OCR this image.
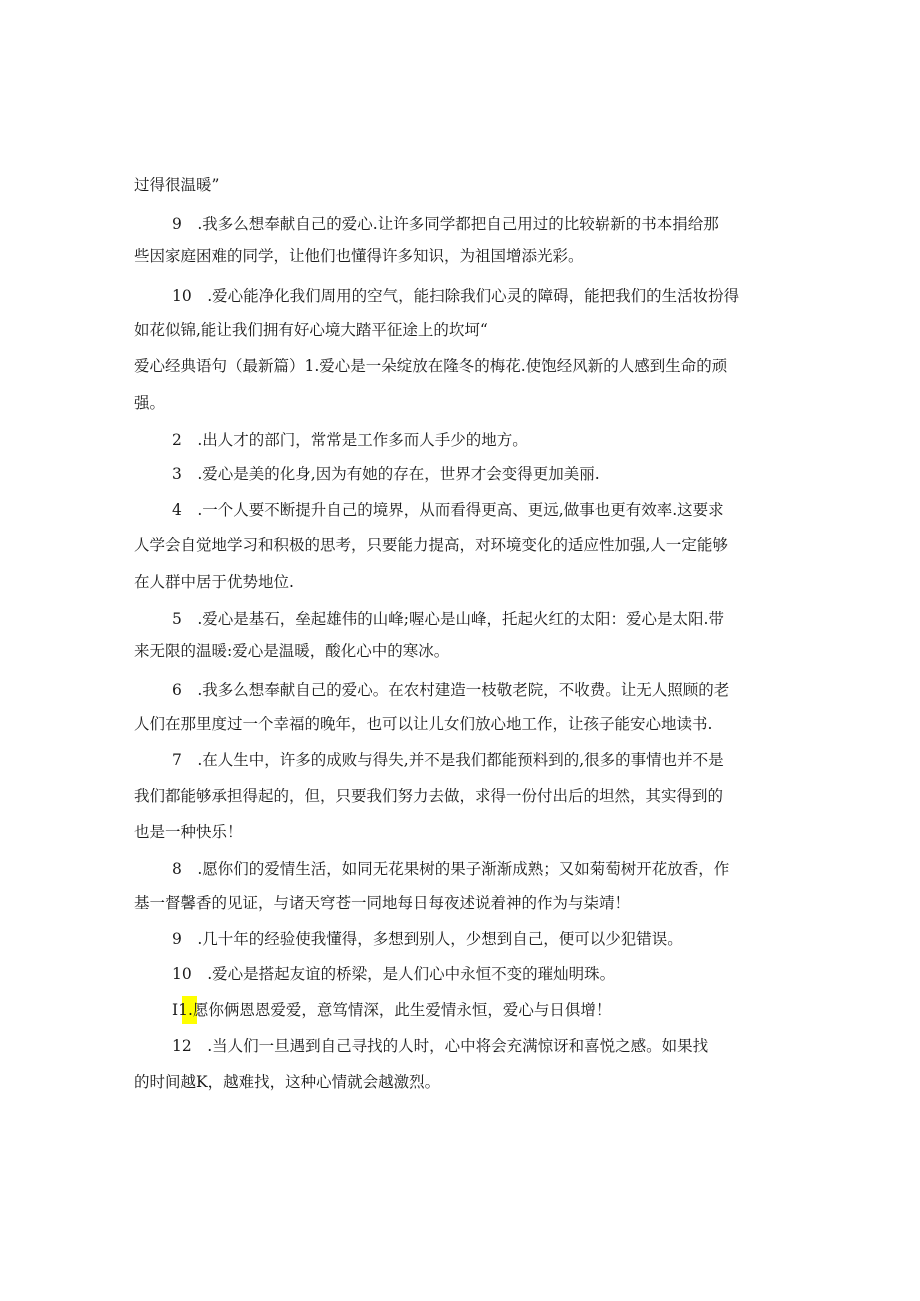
过得很温暖”
9　.我多么想奉献自己的爱心.让许多同学都把自己用过的比较崭新的书本捐给那
些因家庭困难的同学，让他们也懂得许多知识，为祖国增添光彩。
10　.爱心能净化我们周用的空气，能扫除我们心灵的障碍，能把我们的生活妆扮得
如花似锦,能让我们拥有好心境大踏平征途上的坎坷“
爱心经典语句（最新篇）1.爱心是一朵绽放在隆冬的梅花.使饱经风新的人感到生命的顽
强。
2　.出人才的部门，常常是工作多而人手少的地方。
3　.爱心是美的化身,因为有她的存在，世界才会变得更加美丽.
4　.一个人要不断提升自己的境界，从而看得更高、更远,做事也更有效率.这要求
人学会自觉地学习和积极的思考，只要能力提高，对环境变化的适应性加强,人一定能够
在人群中居于优势地位.
5　.爱心是基石，垒起雄伟的山峰;喔心是山峰，托起火红的太阳：爱心是太阳.带
来无限的温暖:爱心是温暖，酸化心中的寒冰。
6　.我多么想奉献自己的爱心。在农村建造一枝敬老院，不收费。让无人照顾的老
人们在那里度过一个幸福的晚年，也可以让儿女们放心地工作，让孩子能安心地读书.
7　.在人生中，许多的成败与得失,并不是我们都能预料到的,很多的事情也并不是
我们都能够承担得起的，但，只要我们努力去做，求得一份付出后的坦然，其实得到的
也是一种快乐！
8　.愿你们的爱情生活，如同无花果树的果子渐渐成熟；又如菊萄树开花放香，作
基一督馨香的见证，与诸天穹苍一同地每日每夜述说着神的作为与柒靖！
9　.几十年的经验使我懂得，多想到别人，少想到自己，便可以少犯错误。
10　.爱心是搭起友谊的桥梁，是人们心中永恒不变的璀灿明珠。
I1.愿你俩恩恩爱爱，意笃情深，此生爱情永恒，爱心与日俱增！
12　.当人们一旦遇到自己寻找的人时，心中将会充满惊讶和喜悦之感。如果找
的时间越K，越难找，这种心情就会越激烈。
